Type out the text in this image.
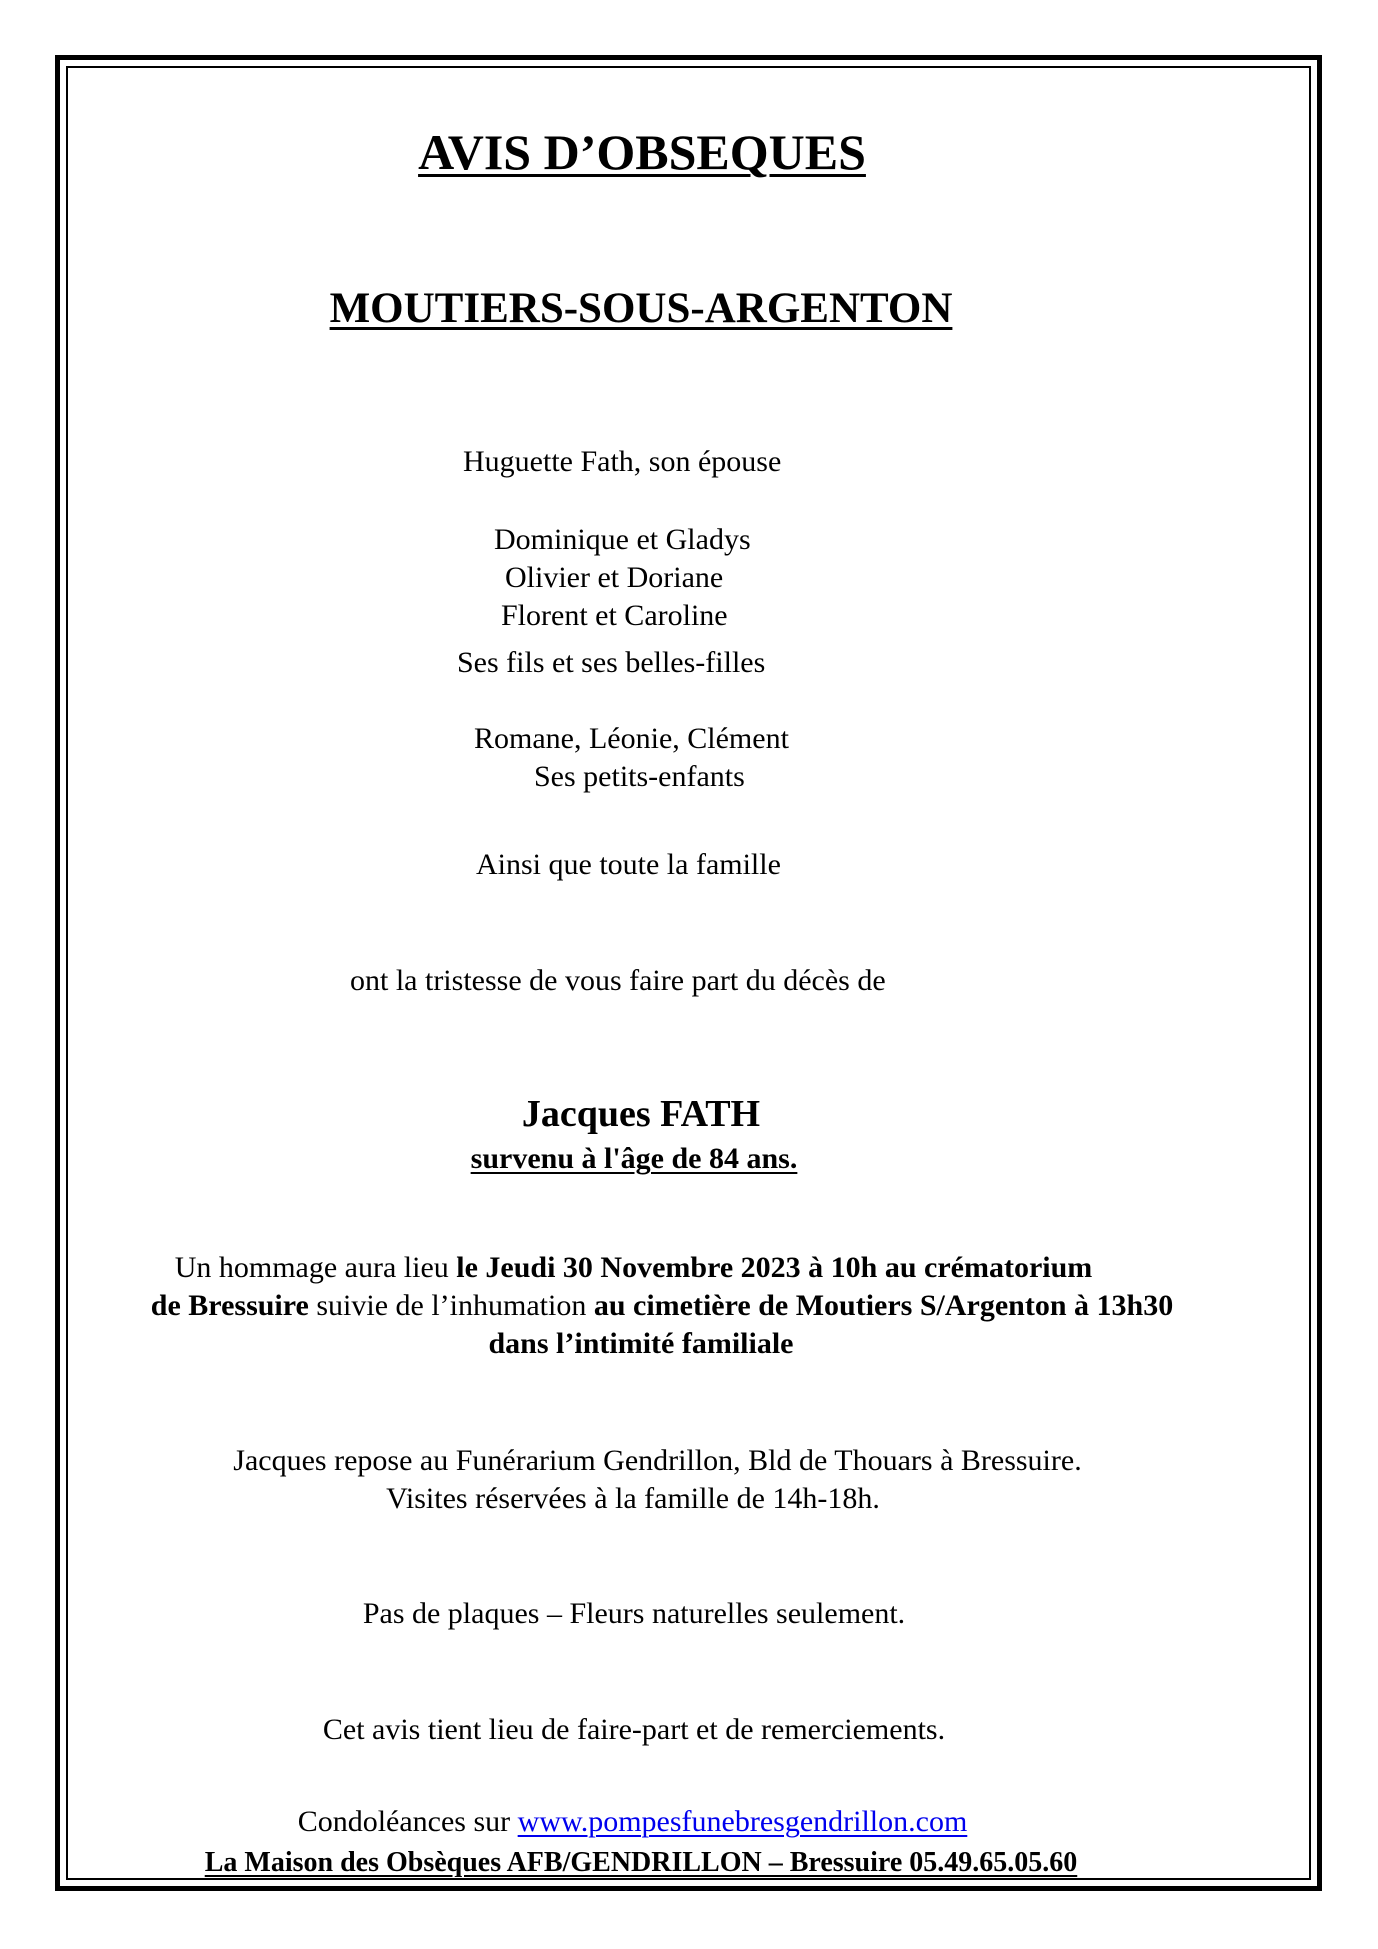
AVIS D’OBSEQUES
MOUTIERS-SOUS-ARGENTON
Huguette Fath, son épouse
Dominique et Gladys
Olivier et Doriane
Florent et Caroline
Ses fils et ses belles-filles
Romane, Léonie, Clément
Ses petits-enfants
Ainsi que toute la famille
ont la tristesse de vous faire part du décès de
Jacques FATH
survenu à l'âge de 84 ans.
Un hommage aura lieu le Jeudi 30 Novembre 2023 à 10h au crématorium
de Bressuire suivie de l’inhumation au cimetière de Moutiers S/Argenton à 13h30
dans l’intimité familiale
Jacques repose au Funérarium Gendrillon, Bld de Thouars à Bressuire.
Visites réservées à la famille de 14h-18h.
Pas de plaques – Fleurs naturelles seulement.
Cet avis tient lieu de faire-part et de remerciements.
Condoléances sur www.pompesfunebresgendrillon.com
La Maison des Obsèques AFB/GENDRILLON – Bressuire 05.49.65.05.60
